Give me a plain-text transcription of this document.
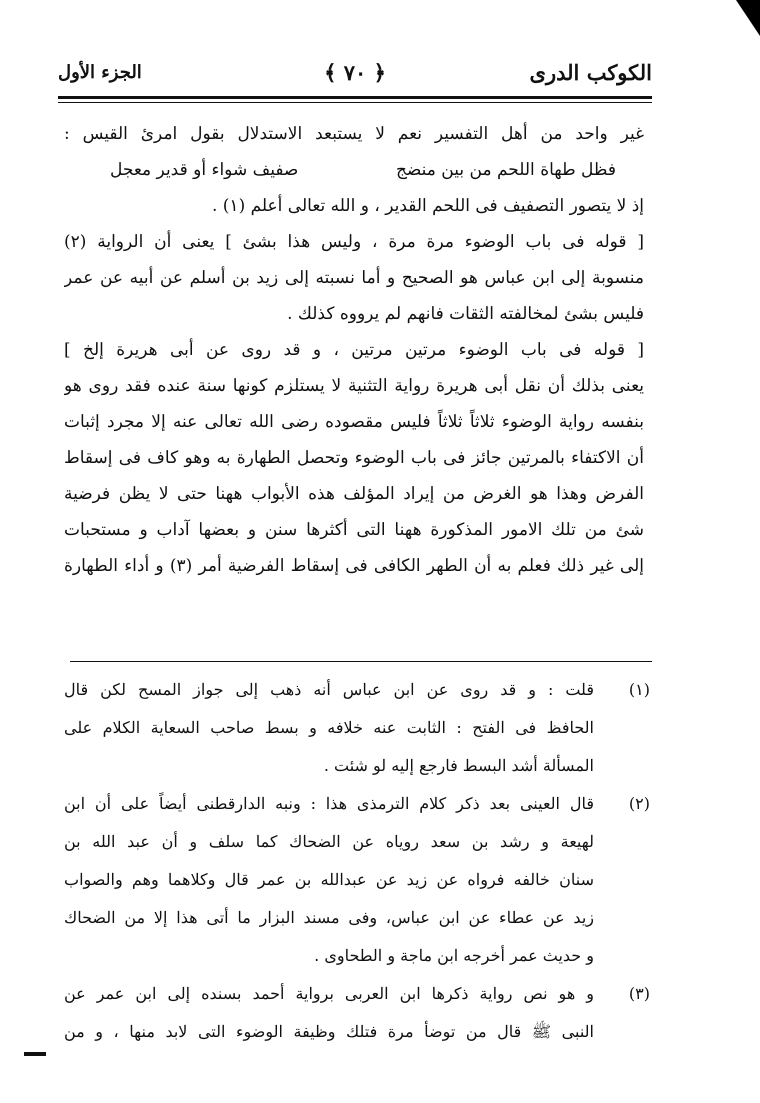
الكوكب الدرى
﴿ ٧٠ ﴾
الجزء الأول
غير واحد من أهل التفسير نعم لا يستبعد الاستدلال بقول امرئ القيس :
فظل طهاة اللحم من بين منضج
صفيف شواء أو قدير معجل
إذ لا يتصور التصفيف فى اللحم القدير ، و الله تعالى أعلم (١) .
[ قوله فى باب الوضوء مرة مرة ، وليس هذا بشئ ] يعنى أن الرواية (٢)
منسوبة إلى ابن عباس هو الصحيح و أما نسبته إلى زيد بن أسلم عن أبيه عن عمر
فليس بشئ لمخالفته الثقات فانهم لم يرووه كذلك .
[ قوله فى باب الوضوء مرتين مرتين ، و قد روى عن أبى هريرة إلخ ]
يعنى بذلك أن نقل أبى هريرة رواية التثنية لا يستلزم كونها سنة عنده فقد روى هو
بنفسه رواية الوضوء ثلاثاً ثلاثاً فليس مقصوده رضى الله تعالى عنه إلا مجرد إثبات
أن الاكتفاء بالمرتين جائز فى باب الوضوء وتحصل الطهارة به وهو كاف فى إسقاط
الفرض وهذا هو الغرض من إيراد المؤلف هذه الأبواب ههنا حتى لا يظن فرضية
شئ من تلك الامور المذكورة ههنا التى أكثرها سنن و بعضها آداب و مستحبات
إلى غير ذلك فعلم به أن الطهر الكافى فى إسقاط الفرضية أمر (٣) و أداء الطهارة
(١)
قلت : و قد روى عن ابن عباس أنه ذهب إلى جواز المسح لكن قال
الحافظ فى الفتح : الثابت عنه خلافه و بسط صاحب السعاية الكلام على
المسألة أشد البسط فارجع إليه لو شئت .
(٢)
قال العينى بعد ذكر كلام الترمذى هذا : ونبه الدارقطنى أيضاً على أن ابن
لهيعة و رشد بن سعد روياه عن الضحاك كما سلف و أن عبد الله بن
سنان خالفه فرواه عن زيد عن عبدالله بن عمر قال وكلاهما وهم والصواب
زيد عن عطاء عن ابن عباس، وفى مسند البزار ما أتى هذا إلا من الضحاك
و حديث عمر أخرجه ابن ماجة و الطحاوى .
(٣)
و هو نص رواية ذكرها ابن العربى برواية أحمد بسنده إلى ابن عمر عن
النبى ﷺ قال من توضأ مرة فتلك وظيفة الوضوء التى لابد منها ، و من
